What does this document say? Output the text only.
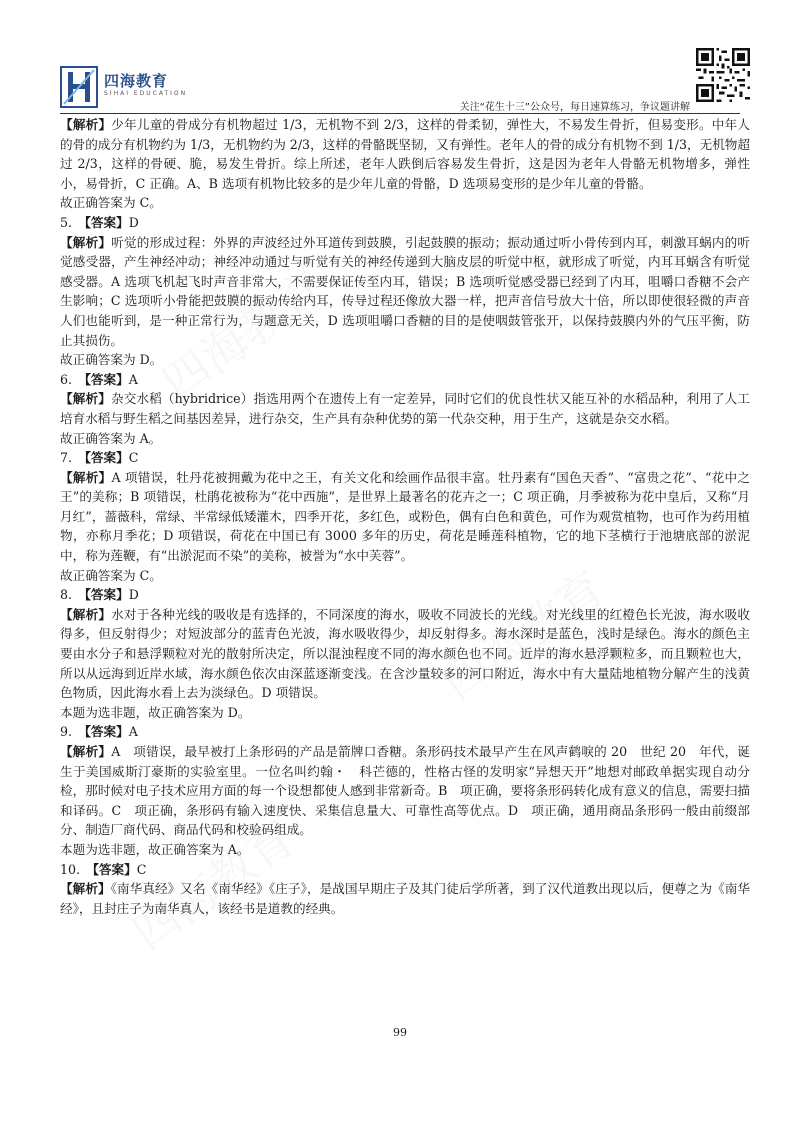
四海教育
SIHAI EDUCATION
关注“花生十三”公众号，每日速算练习，争议题讲解

【解析】少年儿童的骨成分有机物超过 1/3，无机物不到 2/3，这样的骨柔韧，弹性大，不易发生骨折，但易变形。中年人的骨的成分有机物约为 1/3，无机物约为 2/3，这样的骨骼既坚韧，又有弹性。老年人的骨的成分有机物不到 1/3，无机物超过 2/3，这样的骨硬、脆，易发生骨折。综上所述，老年人跌倒后容易发生骨折，这是因为老年人骨骼无机物增多，弹性小，易骨折，C 正确。A、B 选项有机物比较多的是少年儿童的骨骼，D 选项易变形的是少年儿童的骨骼。

故正确答案为 C。

5.　 【答案】D

【解析】听觉的形成过程：外界的声波经过外耳道传到鼓膜，引起鼓膜的振动；振动通过听小骨传到内耳，刺激耳蜗内的听觉感受器，产生神经冲动；神经冲动通过与听觉有关的神经传递到大脑皮层的听觉中枢，就形成了听觉，内耳耳蜗含有听觉感受器。A 选项飞机起飞时声音非常大，不需要保证传至内耳，错误；B 选项听觉感受器已经到了内耳，咀嚼口香糖不会产生影响；C 选项听小骨能把鼓膜的振动传给内耳，传导过程还像放大器一样，把声音信号放大十倍，所以即使很轻微的声音人们也能听到，是一种正常行为，与题意无关，D 选项咀嚼口香糖的目的是使咽鼓管张开，以保持鼓膜内外的气压平衡，防止其损伤。

故正确答案为 D。

6.　 【答案】A

【解析】杂交水稻（hybridrice）指选用两个在遗传上有一定差异，同时它们的优良性状又能互补的水稻品种，利用了人工培育水稻与野生稻之间基因差异，进行杂交，生产具有杂种优势的第一代杂交种，用于生产，这就是杂交水稻。

故正确答案为 A。

7.　 【答案】C

【解析】A 项错误，牡丹花被拥戴为花中之王，有关文化和绘画作品很丰富。牡丹素有“国色天香”、“富贵之花”、“花中之王”的美称；B 项错误，杜鹃花被称为“花中西施”，是世界上最著名的花卉之一；C 项正确，月季被称为花中皇后，又称“月月红”，蔷薇科，常绿、半常绿低矮灌木，四季开花，多红色，或粉色，偶有白色和黄色，可作为观赏植物，也可作为药用植物，亦称月季花；D 项错误，荷花在中国已有 3000 多年的历史，荷花是睡莲科植物，它的地下茎横行于池塘底部的淤泥中，称为莲鞭，有“出淤泥而不染”的美称，被誉为“水中芙蓉”。

故正确答案为 C。

8.　 【答案】D

【解析】水对于各种光线的吸收是有选择的，不同深度的海水，吸收不同波长的光线。对光线里的红橙色长光波，海水吸收得多，但反射得少；对短波部分的蓝青色光波，海水吸收得少，却反射得多。海水深时是蓝色，浅时是绿色。海水的颜色主要由水分子和悬浮颗粒对光的散射所决定，所以混浊程度不同的海水颜色也不同。近岸的海水悬浮颗粒多，而且颗粒也大，所以从远海到近岸水域，海水颜色依次由深蓝逐渐变浅。在含沙量较多的河口附近，海水中有大量陆地植物分解产生的浅黄色物质，因此海水看上去为淡绿色。D 项错误。

本题为选非题，故正确答案为 D。

9.　 【答案】A

【解析】A　项错误，最早被打上条形码的产品是箭牌口香糖。条形码技术最早产生在风声鹤唳的 20　世纪 20　年代，诞生于美国威斯汀豪斯的实验室里。一位名叫约翰・　科芒德的，性格古怪的发明家“异想天开”地想对邮政单据实现自动分检，那时候对电子技术应用方面的每一个设想都使人感到非常新奇。B　项正确，要将条形码转化成有意义的信息，需要扫描和译码。C　项正确，条形码有输入速度快、采集信息量大、可靠性高等优点。D　项正确，通用商品条形码一般由前缀部分、制造厂商代码、商品代码和校验码组成。

本题为选非题，故正确答案为 A。

10.　 【答案】C

【解析】《南华真经》又名《南华经》《庄子》，是战国早期庄子及其门徒后学所著，到了汉代道教出现以后，便尊之为《南华经》，且封庄子为南华真人，该经书是道教的经典。

99
